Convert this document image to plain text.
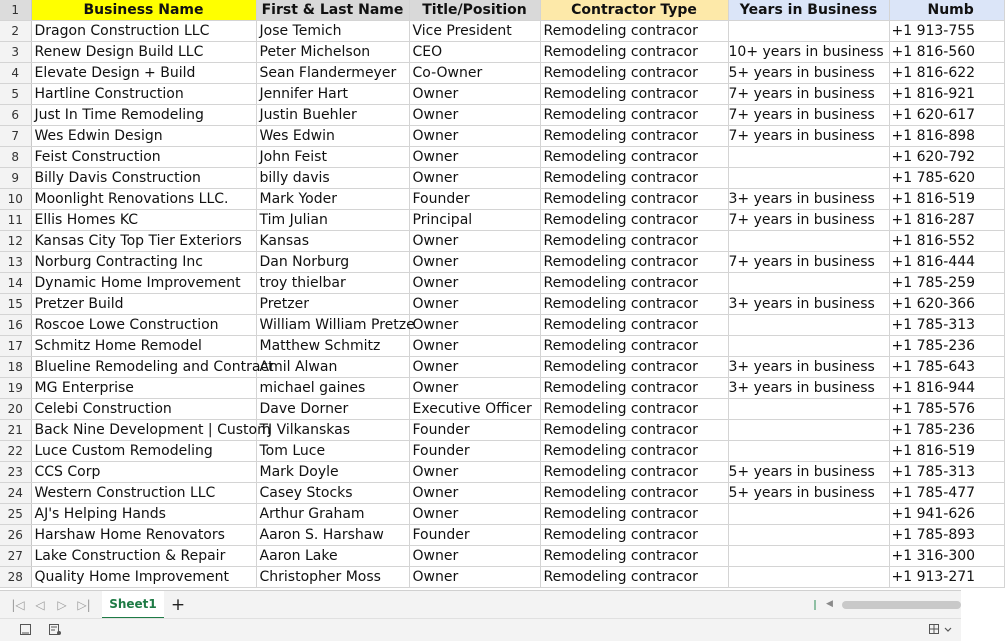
1	Business Name	First & Last Name	Title/Position	Contractor Type	Years in Business	Numb
2	Dragon Construction LLC	Jose Temich	Vice President	Remodeling contracor		+1 913-755
3	Renew Design Build LLC	Peter Michelson	CEO	Remodeling contracor	10+ years in business	+1 816-560
4	Elevate Design + Build	Sean Flandermeyer	Co-Owner	Remodeling contracor	5+ years in business	+1 816-622
5	Hartline Construction	Jennifer Hart	Owner	Remodeling contracor	7+ years in business	+1 816-921
6	Just In Time Remodeling	Justin Buehler	Owner	Remodeling contracor	7+ years in business	+1 620-617
7	Wes Edwin Design	Wes Edwin	Owner	Remodeling contracor	7+ years in business	+1 816-898
8	Feist Construction	John Feist	Owner	Remodeling contracor		+1 620-792
9	Billy Davis Construction	billy davis	Owner	Remodeling contracor		+1 785-620
10	Moonlight Renovations LLC.	Mark Yoder	Founder	Remodeling contracor	3+ years in business	+1 816-519
11	Ellis Homes KC	Tim Julian	Principal	Remodeling contracor	7+ years in business	+1 816-287
12	Kansas City Top Tier Exteriors	Kansas	Owner	Remodeling contracor		+1 816-552
13	Norburg Contracting Inc	Dan Norburg	Owner	Remodeling contracor	7+ years in business	+1 816-444
14	Dynamic Home Improvement	troy thielbar	Owner	Remodeling contracor		+1 785-259
15	Pretzer Build	Pretzer	Owner	Remodeling contracor	3+ years in business	+1 620-366
16	Roscoe Lowe Construction	William William Pretze	Owner	Remodeling contracor		+1 785-313
17	Schmitz Home Remodel	Matthew Schmitz	Owner	Remodeling contracor		+1 785-236
18	Blueline Remodeling and Contract	Amil Alwan	Owner	Remodeling contracor	3+ years in business	+1 785-643
19	MG Enterprise	michael gaines	Owner	Remodeling contracor	3+ years in business	+1 816-944
20	Celebi Construction	Dave Dorner	Executive Officer	Remodeling contracor		+1 785-576
21	Back Nine Development | Custom	TJ Vilkanskas	Founder	Remodeling contracor		+1 785-236
22	Luce Custom Remodeling	Tom Luce	Founder	Remodeling contracor		+1 816-519
23	CCS Corp	Mark Doyle	Owner	Remodeling contracor	5+ years in business	+1 785-313
24	Western Construction LLC	Casey Stocks	Owner	Remodeling contracor	5+ years in business	+1 785-477
25	AJ's Helping Hands	Arthur Graham	Owner	Remodeling contracor		+1 941-626
26	Harshaw Home Renovators	Aaron S. Harshaw	Founder	Remodeling contracor		+1 785-893
27	Lake Construction & Repair	Aaron Lake	Owner	Remodeling contracor		+1 316-300
28	Quality Home Improvement	Christopher Moss	Owner	Remodeling contracor		+1 913-271
|◁ ◁ ▷ ▷|	Sheet1 +	◀
